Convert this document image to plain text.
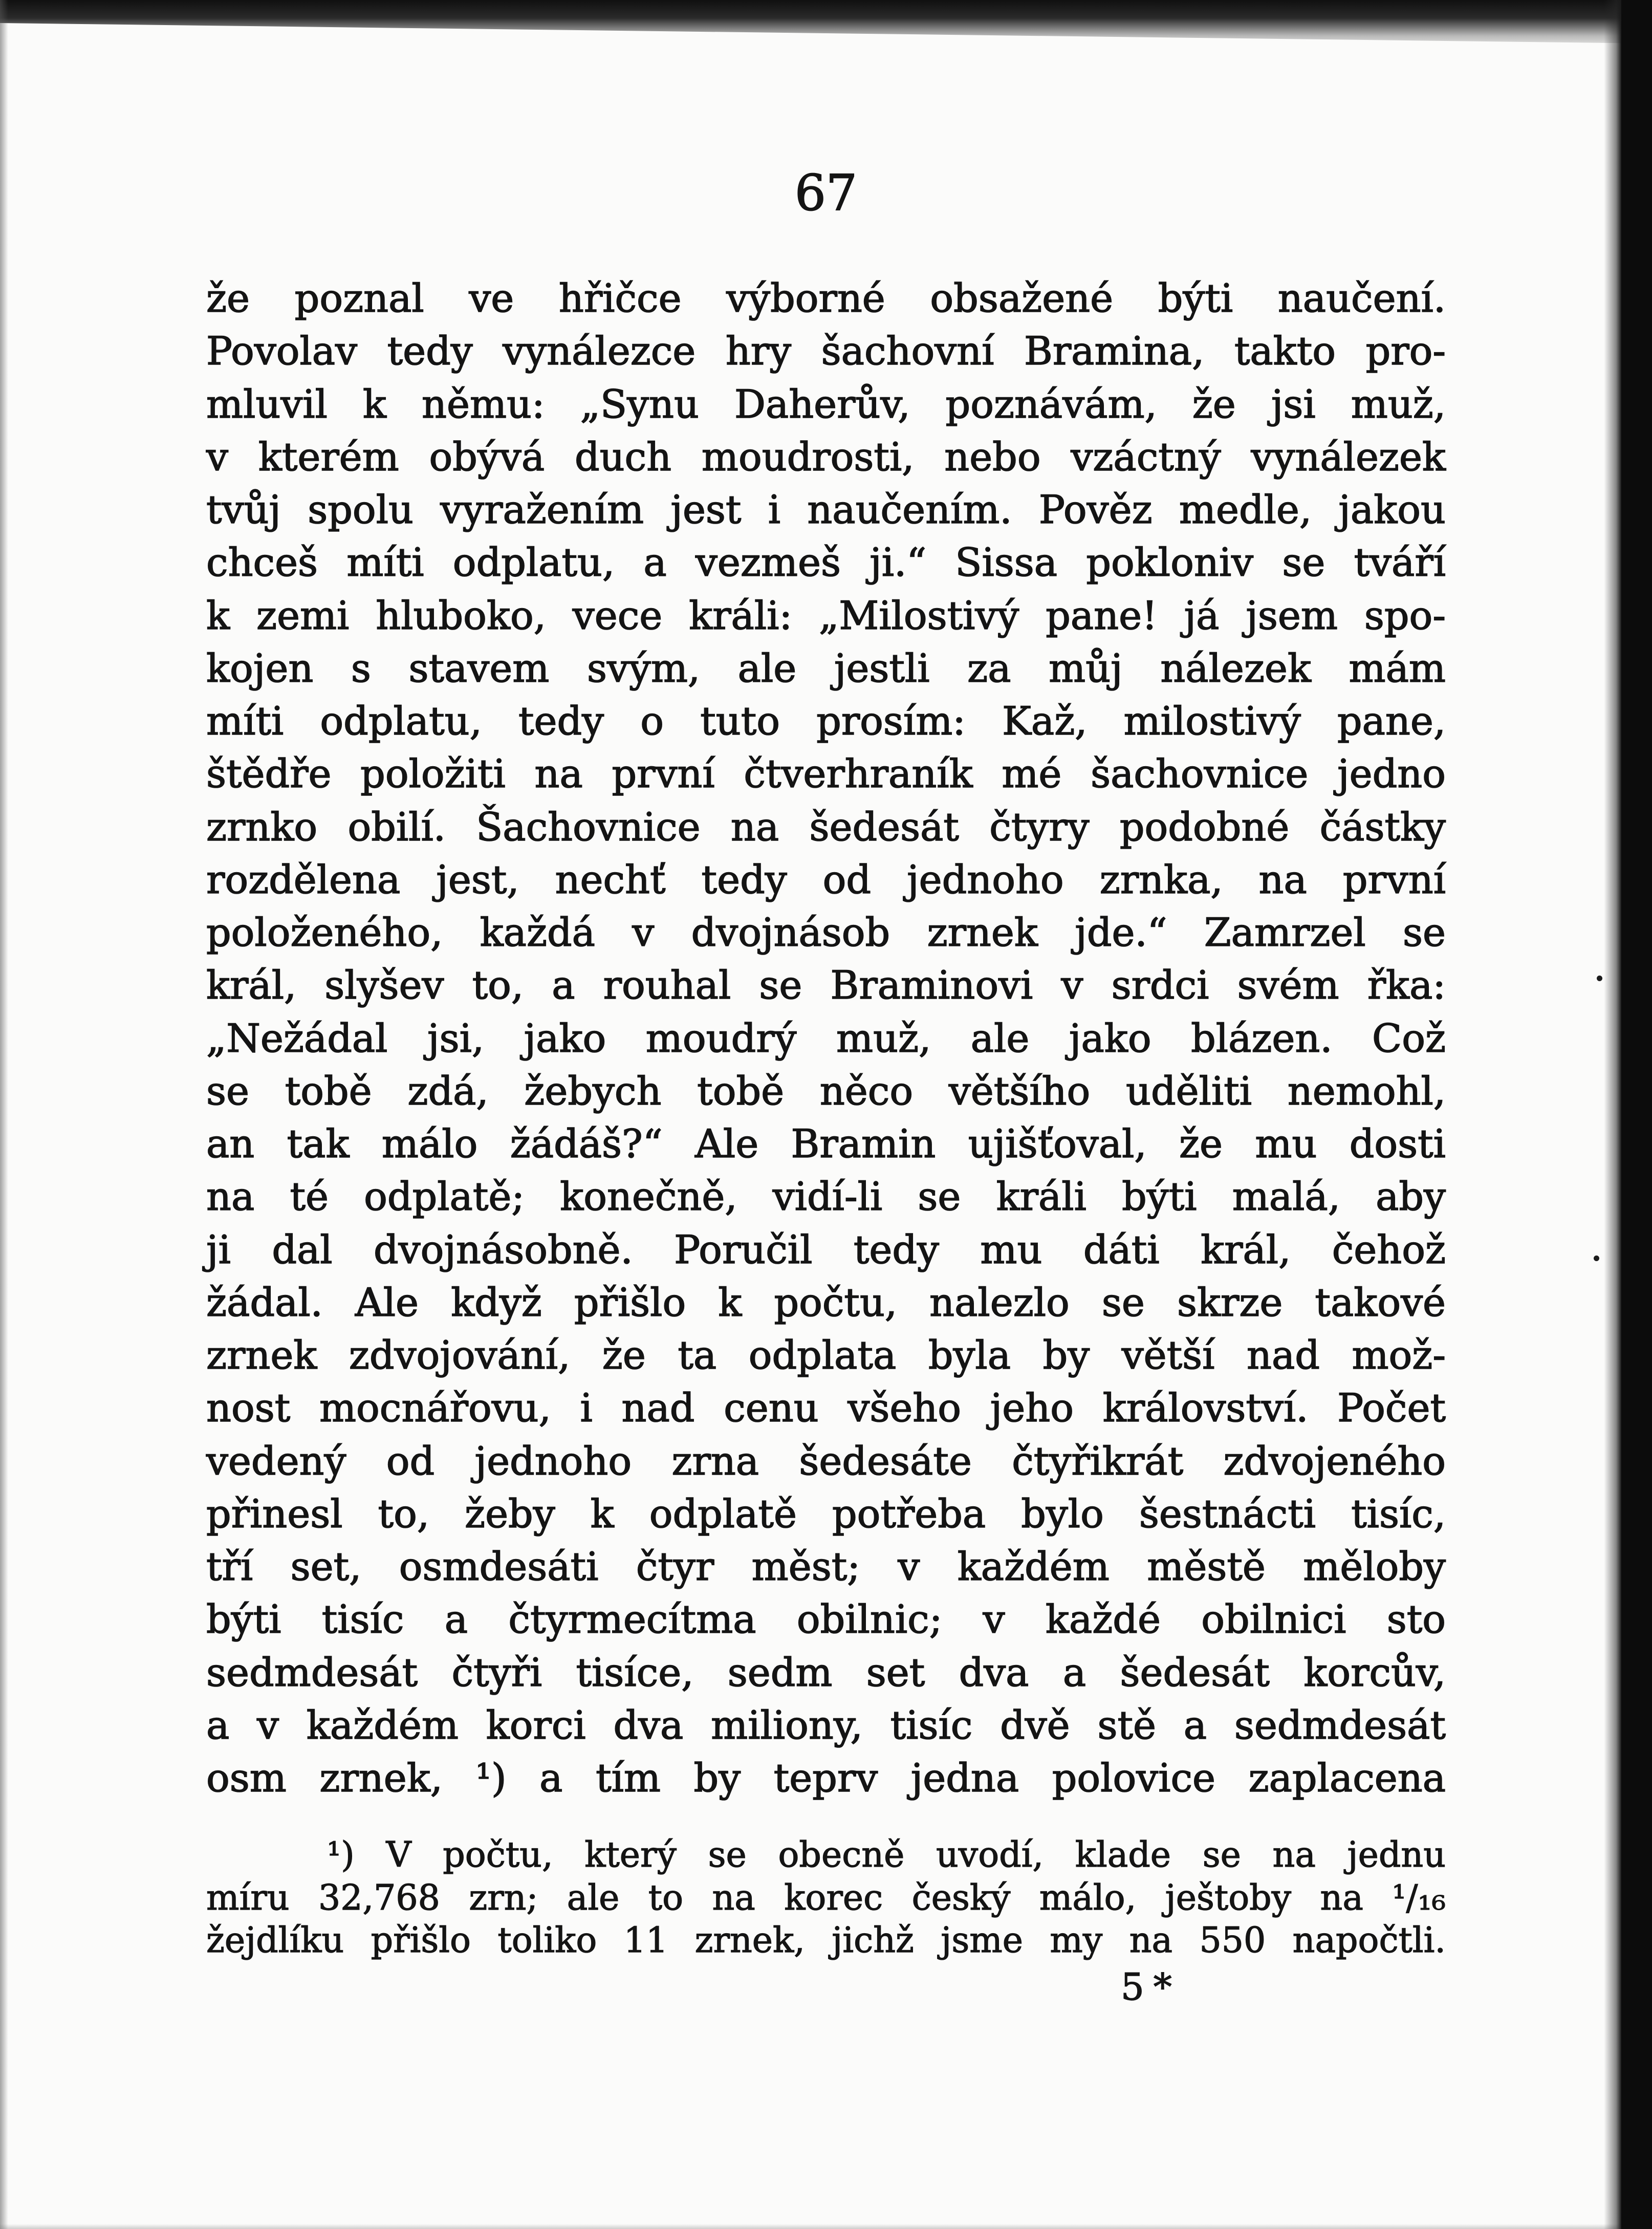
67
že poznal ve hřičce výborné obsažené býti naučení.
Povolav tedy vynálezce hry šachovní Bramina, takto pro-
mluvil k němu: „Synu Daherův, poznávám, že jsi muž,
v kterém obývá duch moudrosti, nebo vzáctný vynálezek
tvůj spolu vyražením jest i naučením. Pověz medle, jakou
chceš míti odplatu, a vezmeš ji.“ Sissa pokloniv se tváří
k zemi hluboko, vece králi: „Milostivý pane! já jsem spo-
kojen s stavem svým, ale jestli za můj nálezek mám
míti odplatu, tedy o tuto prosím: Kaž, milostivý pane,
štědře položiti na první čtverhraník mé šachovnice jedno
zrnko obilí. Šachovnice na šedesát čtyry podobné částky
rozdělena jest, nechť tedy od jednoho zrnka, na první
položeného, každá v dvojnásob zrnek jde.“ Zamrzel se
král, slyšev to, a rouhal se Braminovi v srdci svém řka:
„Nežádal jsi, jako moudrý muž, ale jako blázen. Což
se tobě zdá, žebych tobě něco většího uděliti nemohl,
an tak málo žádáš?“ Ale Bramin ujišťoval, že mu dosti
na té odplatě; konečně, vidí-li se králi býti malá, aby
ji dal dvojnásobně. Poručil tedy mu dáti král, čehož
žádal. Ale když přišlo k počtu, nalezlo se skrze takové
zrnek zdvojování, že ta odplata byla by větší nad mož-
nost mocnářovu, i nad cenu všeho jeho království. Počet
vedený od jednoho zrna šedesáte čtyřikrát zdvojeného
přinesl to, žeby k odplatě potřeba bylo šestnácti tisíc,
tří set, osmdesáti čtyr měst; v každém městě měloby
býti tisíc a čtyrmecítma obilnic; v každé obilnici sto
sedmdesát čtyři tisíce, sedm set dva a šedesát korcův,
a v každém korci dva miliony, tisíc dvě stě a sedmdesát
osm zrnek, ¹) a tím by teprv jedna polovice zaplacena
¹) V počtu, který se obecně uvodí, klade se na jednu
míru 32,768 zrn; ale to na korec český málo, ještoby na ¹/₁₆
žejdlíku přišlo toliko 11 zrnek, jichž jsme my na 550 napočtli.
5*
